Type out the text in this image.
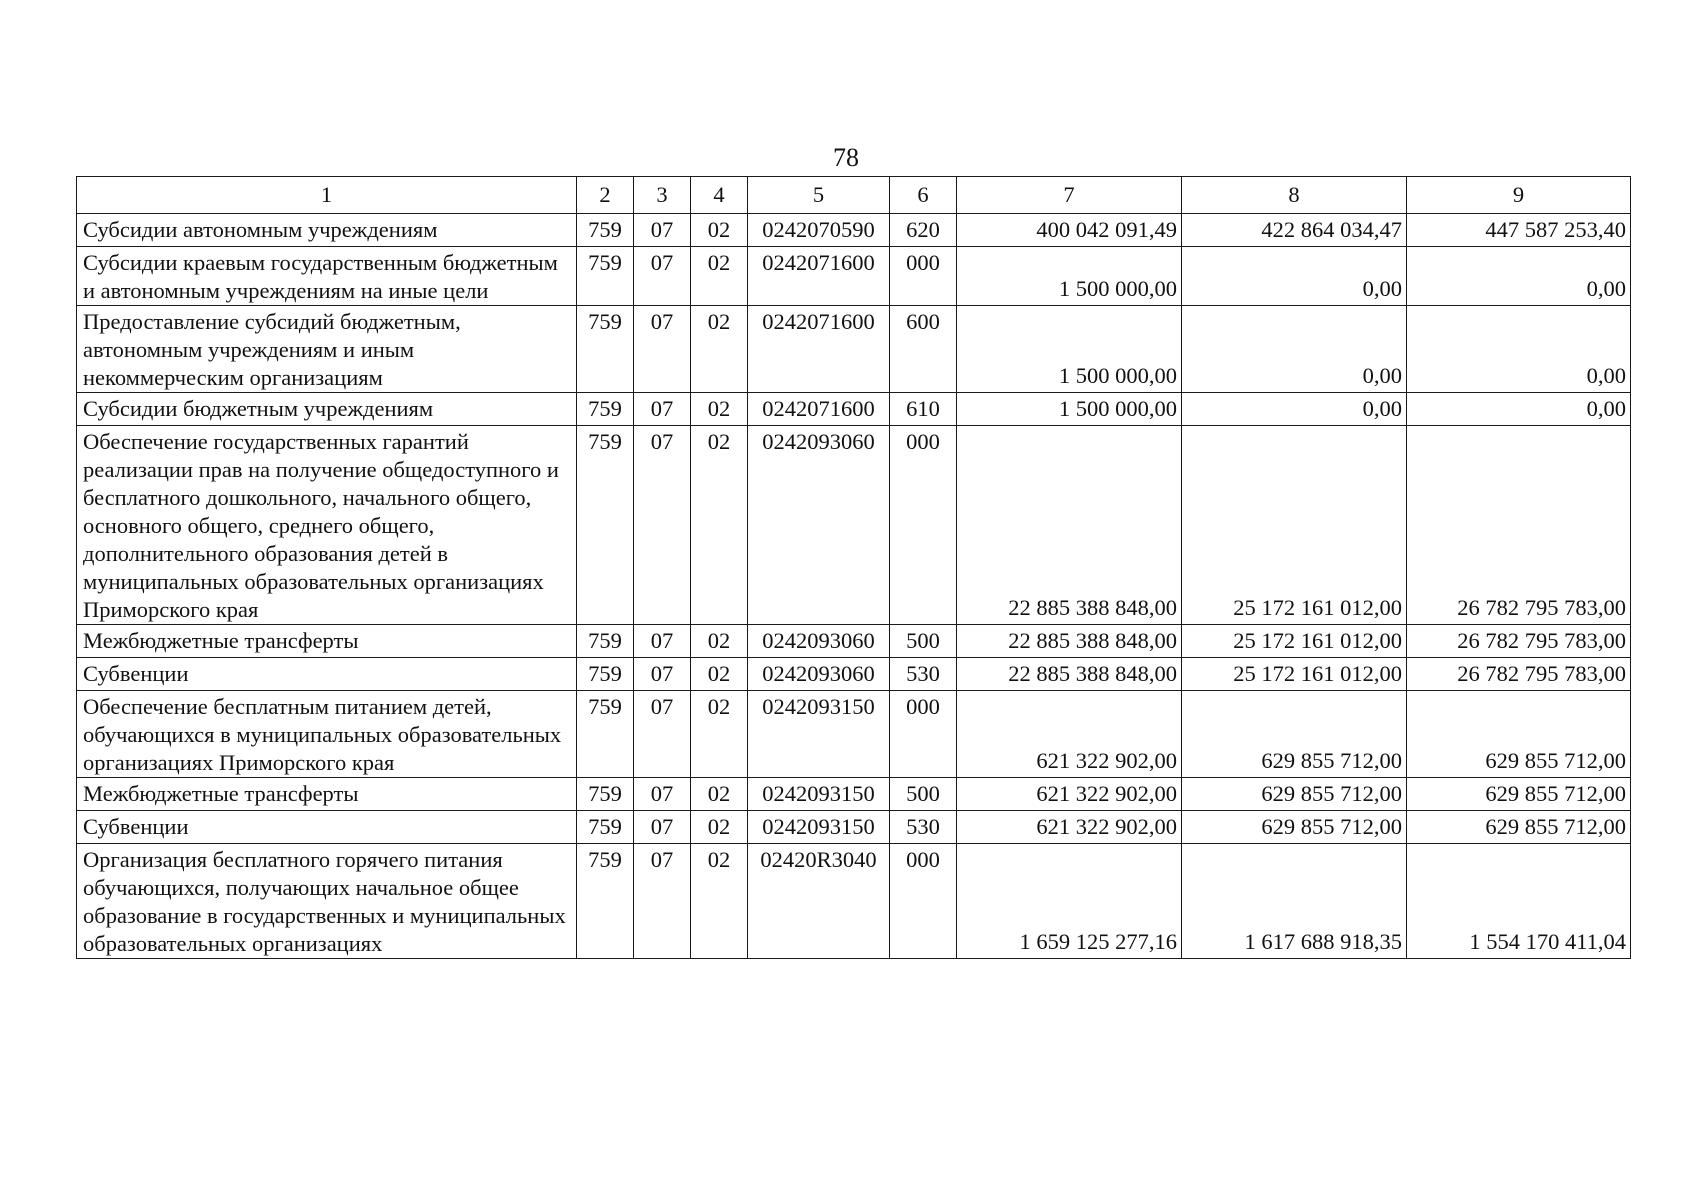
78
1	2	3	4	5	6	7	8	9
Субсидии автономным учреждениям	759	07	02	0242070590	620	400 042 091,49	422 864 034,47	447 587 253,40
Субсидии краевым государственным бюджетным и автономным учреждениям на иные цели	759	07	02	0242071600	000	1 500 000,00	0,00	0,00
Предоставление субсидий бюджетным, автономным учреждениям и иным некоммерческим организациям	759	07	02	0242071600	600	1 500 000,00	0,00	0,00
Субсидии бюджетным учреждениям	759	07	02	0242071600	610	1 500 000,00	0,00	0,00
Обеспечение государственных гарантий реализации прав на получение общедоступного и бесплатного дошкольного, начального общего, основного общего, среднего общего, дополнительного образования детей в муниципальных образовательных организациях Приморского края	759	07	02	0242093060	000	22 885 388 848,00	25 172 161 012,00	26 782 795 783,00
Межбюджетные трансферты	759	07	02	0242093060	500	22 885 388 848,00	25 172 161 012,00	26 782 795 783,00
Субвенции	759	07	02	0242093060	530	22 885 388 848,00	25 172 161 012,00	26 782 795 783,00
Обеспечение бесплатным питанием детей, обучающихся в муниципальных образовательных организациях Приморского края	759	07	02	0242093150	000	621 322 902,00	629 855 712,00	629 855 712,00
Межбюджетные трансферты	759	07	02	0242093150	500	621 322 902,00	629 855 712,00	629 855 712,00
Субвенции	759	07	02	0242093150	530	621 322 902,00	629 855 712,00	629 855 712,00
Организация бесплатного горячего питания обучающихся, получающих начальное общее образование в государственных и муниципальных образовательных организациях	759	07	02	02420R3040	000	1 659 125 277,16	1 617 688 918,35	1 554 170 411,04
